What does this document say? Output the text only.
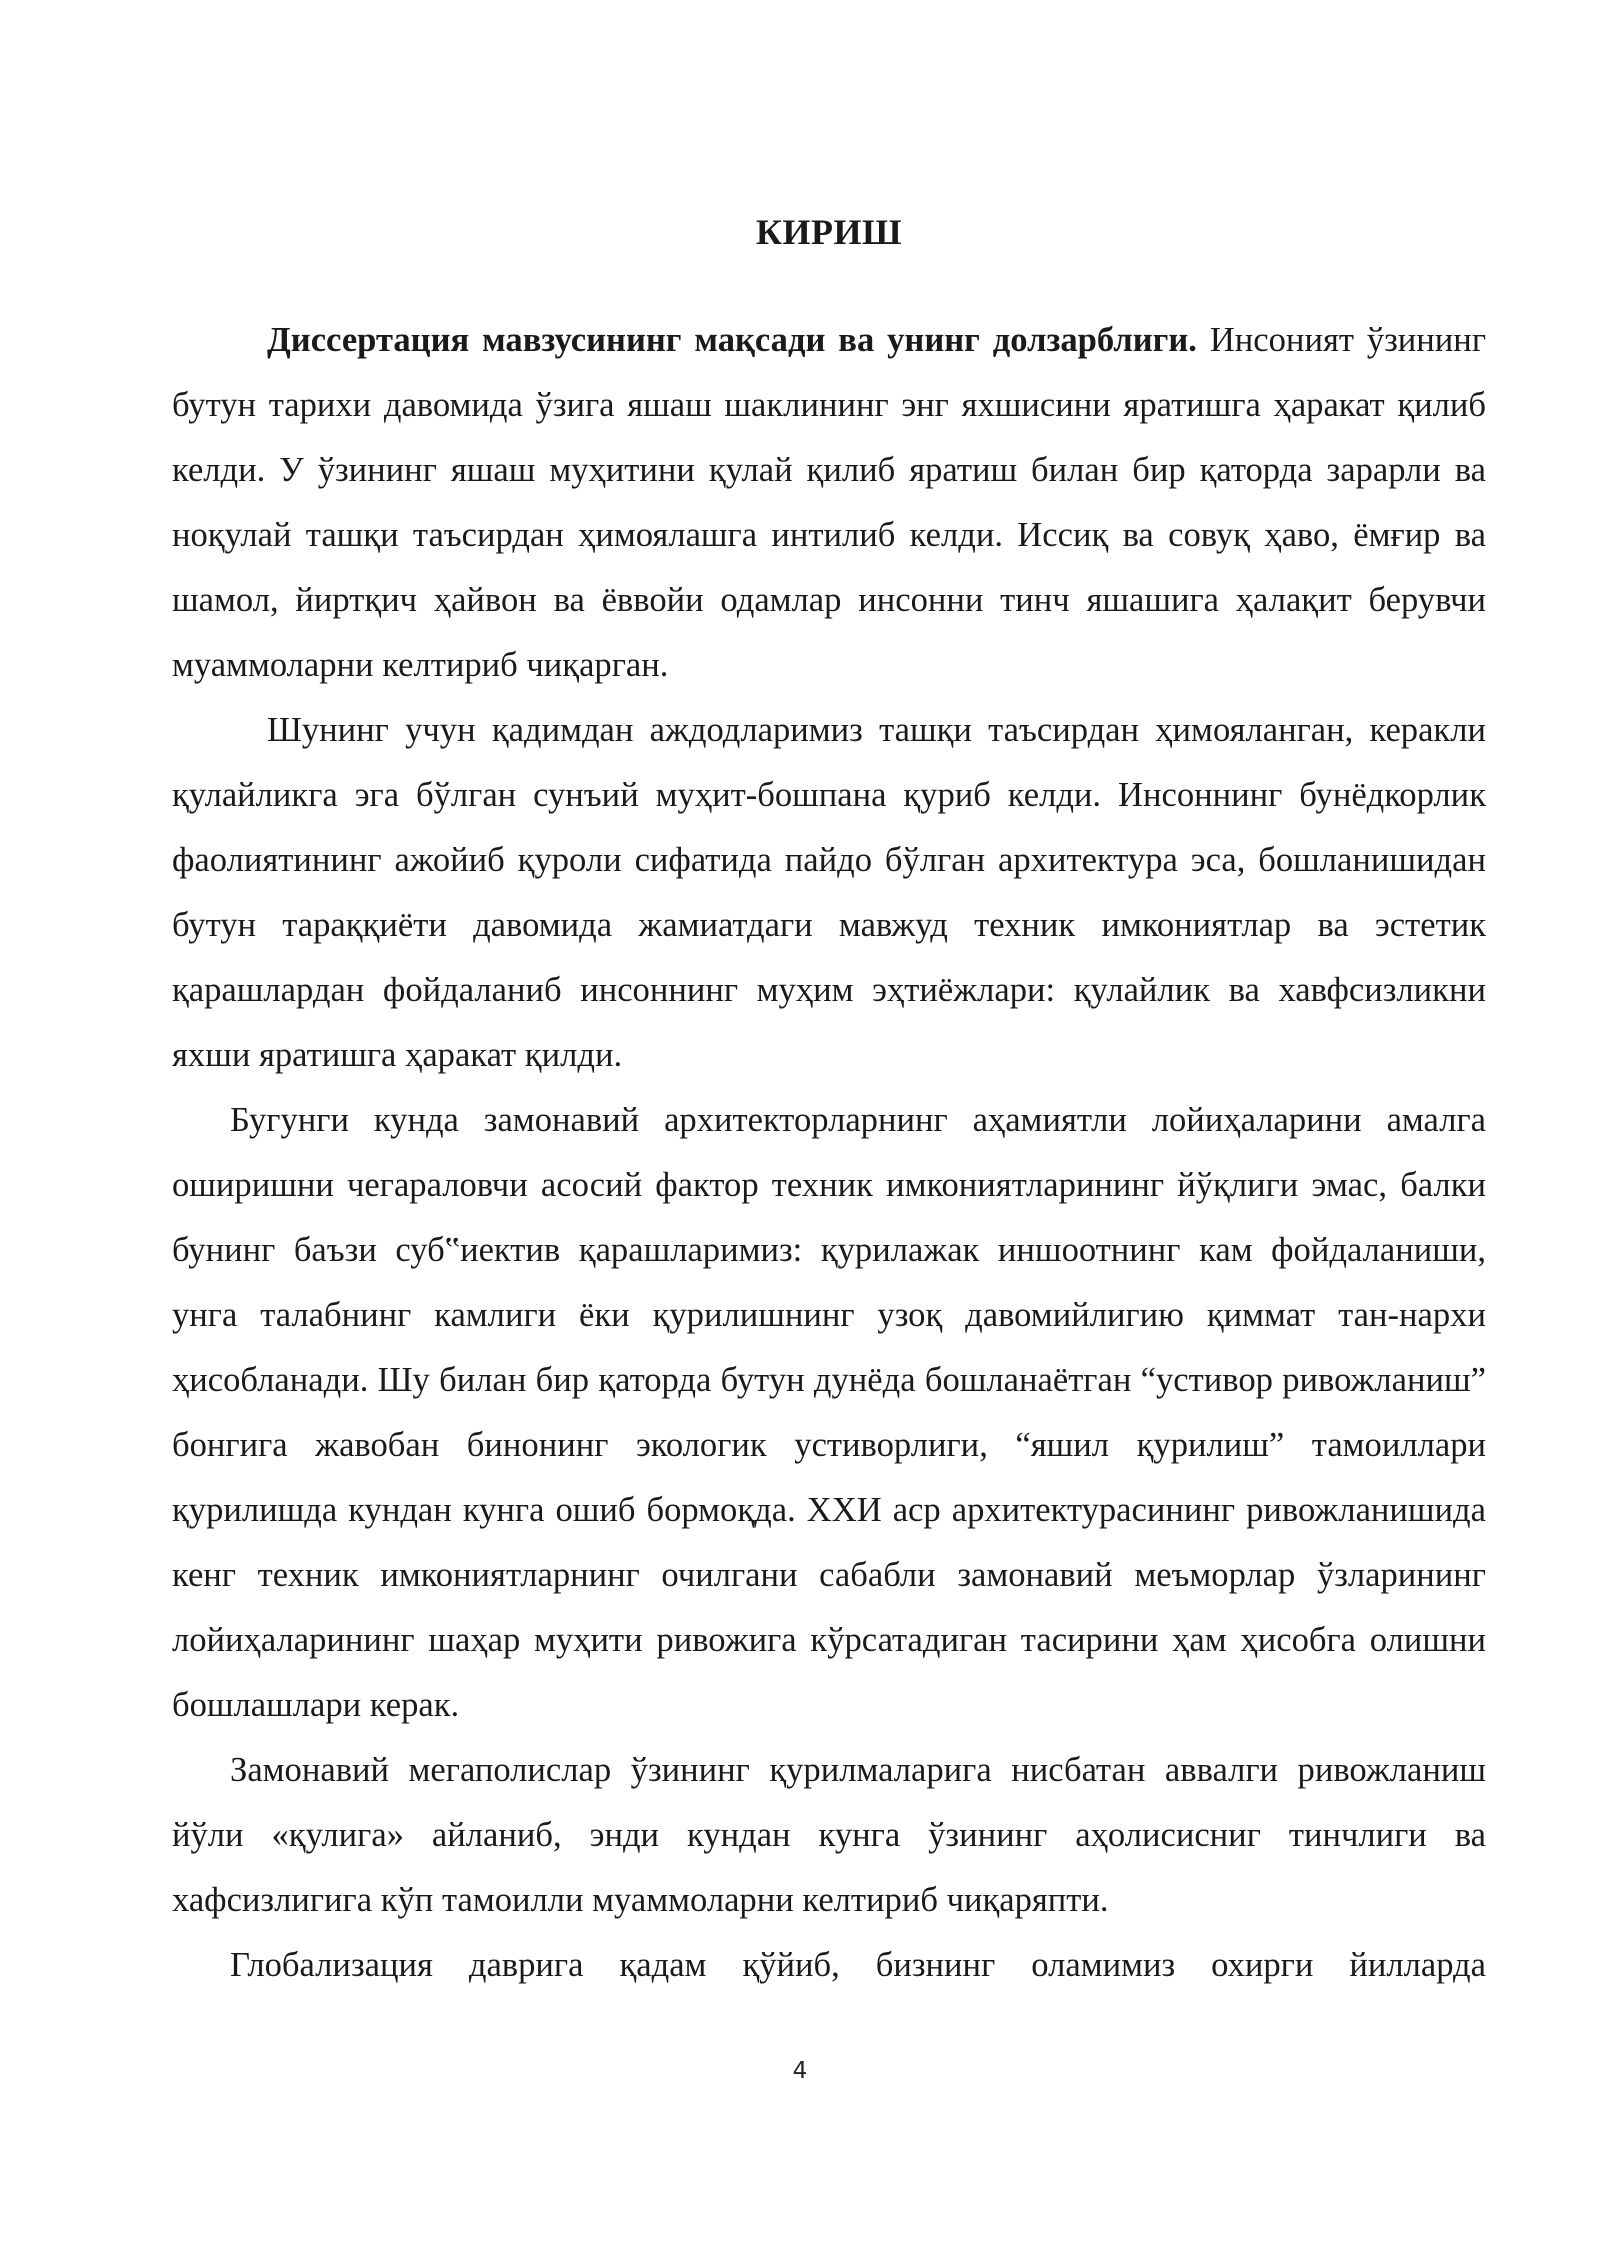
КИРИШ

Диссертация мавзусининг мақсади ва унинг долзарблиги. Инсоният ўзининг бутун тарихи давомида ўзига яшаш шаклининг энг яхшисини яратишга ҳаракат қилиб келди. У ўзининг яшаш муҳитини қулай қилиб яратиш билан бир қаторда зарарли ва ноқулай ташқи таъсирдан ҳимоялашга интилиб келди. Иссиқ ва совуқ ҳаво, ёмғир ва шамол, йиртқич ҳайвон ва ёввойи одамлар инсонни тинч яшашига ҳалақит берувчи муаммоларни келтириб чиқарган.

Шунинг учун қадимдан аждодларимиз ташқи таъсирдан ҳимояланган, керакли қулайликга эга бўлган сунъий муҳит-бошпана қуриб келди. Инсоннинг бунёдкорлик фаолиятининг ажойиб қуроли сифатида пайдо бўлган архитектура эса, бошланишидан бутун тараққиёти давомида жамиатдаги мавжуд техник имкониятлар ва эстетик қарашлардан фойдаланиб инсоннинг муҳим эҳтиёжлари: қулайлик ва хавфсизликни яхши яратишга ҳаракат қилди.

Бугунги кунда замонавий архитекторларнинг аҳамиятли лойиҳаларини амалга оширишни чегараловчи асосий фактор техник имкониятларининг йўқлиги эмас, балки бунинг баъзи суб‟иектив қарашларимиз: қурилажак иншоотнинг кам фойдаланиши, унга талабнинг камлиги ёки қурилишнинг узоқ давомийлигию қиммат тан-нархи ҳисобланади. Шу билан бир қаторда бутун дунёда бошланаётган “устивор ривожланиш” бонгига жавобан бинонинг экологик устиворлиги, “яшил қурилиш” тамоиллари қурилишда кундан кунга ошиб бормоқда. XXИ аср архитектурасининг ривожланишида кенг техник имкониятларнинг очилгани сабабли замонавий меъморлар ўзларининг лойиҳаларининг шаҳар муҳити ривожига кўрсатадиган тасирини ҳам ҳисобга олишни бошлашлари керак.

Замонавий мегаполислар ўзининг қурилмаларига нисбатан аввалги ривожланиш йўли «қулига» айланиб, энди кундан кунга ўзининг аҳолисисниг тинчлиги ва хафсизлигига кўп тамоилли муаммоларни келтириб чиқаряпти.

Глобализация даврига қадам қўйиб, бизнинг оламимиз охирги йилларда

4
